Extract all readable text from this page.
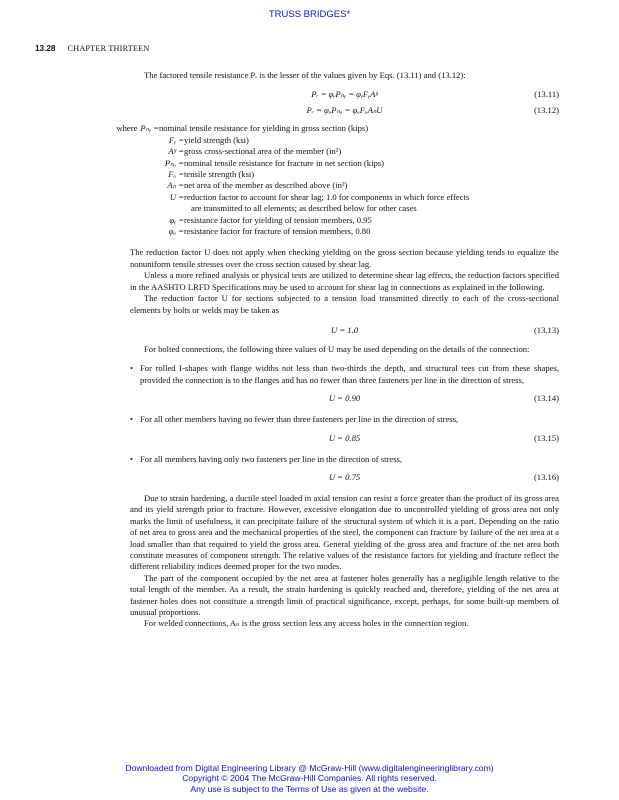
TRUSS BRIDGES*
13.28 CHAPTER THIRTEEN

The factored tensile resistance Pᵣ is the lesser of the values given by Eqs. (13.11) and (13.12):

Pᵣ = φᵧPₙᵧ = φᵧFᵧAᵍ	(13.11)
Pᵣ = φᵤPₙᵤ = φᵤFᵤAₙU	(13.12)
where Pₙᵧ = nominal tensile resistance for yielding in gross section (kips)
Fᵧ = yield strength (ksi)
Aᵍ = gross cross-sectional area of the member (in²)
Pₙᵤ = nominal tensile resistance for fracture in net section (kips)
Fᵤ = tensile strength (ksi)
Aₙ = net area of the member as described above (in²)
U = reduction factor to account for shear lag; 1.0 for components in which force effects
are transmitted to all elements; as described below for other cases
φᵧ = resistance factor for yielding of tension members, 0.95
φᵤ = resistance factor for fracture of tension members, 0.80

The reduction factor U does not apply when checking yielding on the gross section because yielding tends to equalize the nonuniform tensile stresses over the cross section caused by shear lag.

Unless a more refined analysis or physical tests are utilized to determine shear lag effects, the reduction factors specified in the AASHTO LRFD Specifications may be used to account for shear lag in connections as explained in the following.

The reduction factor U for sections subjected to a tension load transmitted directly to each of the cross-sectional elements by bolts or welds may be taken as

U = 1.0	(13.13)

For bolted connections, the following three values of U may be used depending on the details of the connection:

• For rolled I-shapes with flange widths not less than two-thirds the depth, and structural tees cut from these shapes, provided the connection is to the flanges and has no fewer than three fasteners per line in the direction of stress,
U = 0.90	(13.14)
• For all other members having no fewer than three fasteners per line in the direction of stress,
U = 0.85	(13.15)
• For all members having only two fasteners per line in the direction of stress,
U = 0.75	(13.16)

Due to strain hardening, a ductile steel loaded in axial tension can resist a force greater than the product of its gross area and its yield strength prior to fracture. However, excessive elongation due to uncontrolled yielding of gross area not only marks the limit of usefulness, it can precipitate failure of the structural system of which it is a part. Depending on the ratio of net area to gross area and the mechanical properties of the steel, the component can fracture by failure of the net area at a load smaller than that required to yield the gross area. General yielding of the gross area and fracture of the net area both constitute measures of component strength. The relative values of the resistance factors for yielding and fracture reflect the different reliability indices deemed proper for the two modes.

The part of the component occupied by the net area at fastener holes generally has a negligible length relative to the total length of the member. As a result, the strain hardening is quickly reached and, therefore, yielding of the net area at fastener holes does not constitute a strength limit of practical significance, except, perhaps, for some built-up members of unusual proportions.

For welded connections, Aₙ is the gross section less any access holes in the connection region.

Downloaded from Digital Engineering Library @ McGraw-Hill (www.digitalengineeringlibrary.com)
Copyright © 2004 The McGraw-Hill Companies. All rights reserved.
Any use is subject to the Terms of Use as given at the website.
